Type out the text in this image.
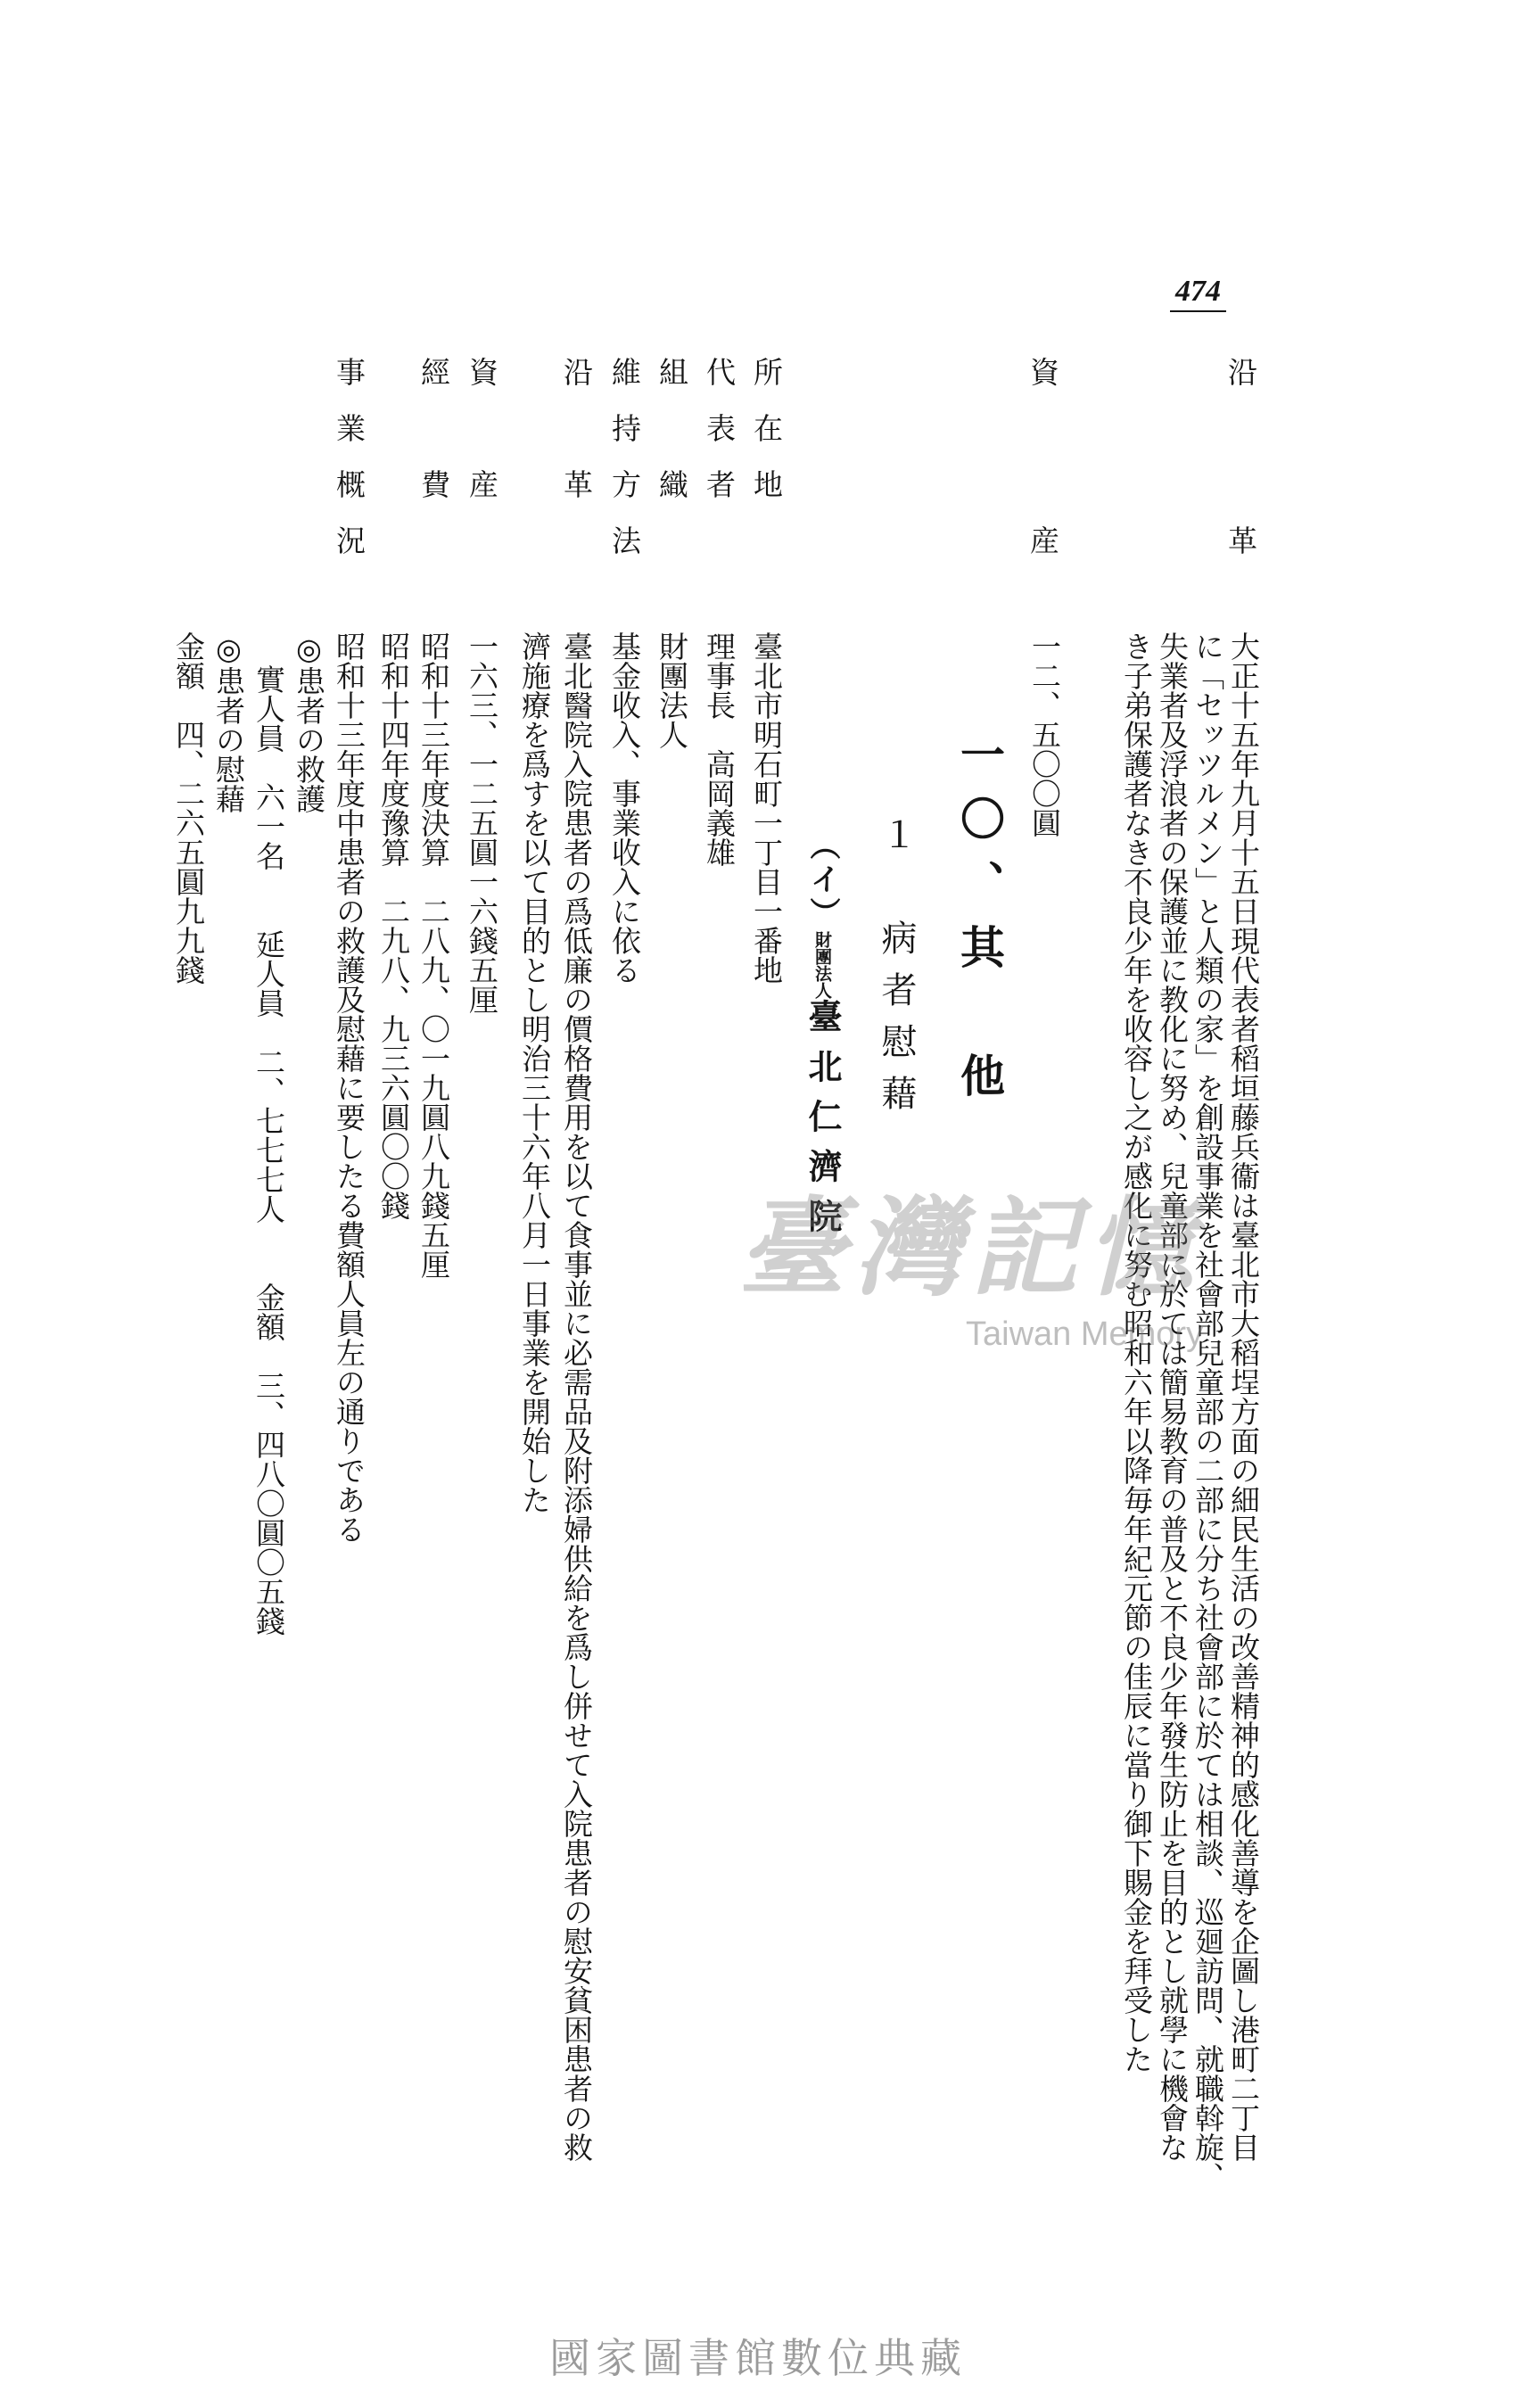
474
沿　　革
資　　産
大正十五年九月十五日現代表者稻垣藤兵衞は臺北市大稻埕方面の細民生活の改善精神的感化善導を企圖し港町二丁目
に「セッツルメン」と人類の家」を創設事業を社會部兒童部の二部に分ち社會部に於ては相談、巡廻訪問、就職斡旋、
失業者及浮浪者の保護並に教化に努め、兒童部に於ては簡易教育の普及と不良少年發生防止を目的とし就學に機會な
き子弟保護者なき不良少年を收容し之が感化に努む昭和六年以降毎年紀元節の佳辰に當り御下賜金を拜受した
一二、五〇〇圓
一〇、其　他
１　病者慰藉
（イ）財團法人臺北仁濟院
所在地
代表者
組　織
維持方法
沿　革
資　産
經　費
事業概況
臺北市明石町一丁目一番地
理事長　高岡義雄
財團法人
基金收入、事業收入に依る
臺北醫院入院患者の爲低廉の價格費用を以て食事並に必需品及附添婦供給を爲し併せて入院患者の慰安貧困患者の救
濟施療を爲すを以て目的とし明治三十六年八月一日事業を開始した
一六三、一二五圓一六錢五厘
昭和十三年度決算　二八九、〇一九圓八九錢五厘
昭和十四年度豫算　二九八、九三六圓〇〇錢
昭和十三年度中患者の救護及慰藉に要したる費額人員左の通りである
◎患者の救護
實人員　六一名　　延人員　二、七七七人　　金額　三、四八〇圓〇五錢
◎患者の慰藉
金額　四、二六五圓九九錢
臺灣記憶
Taiwan Memory
國家圖書館數位典藏
